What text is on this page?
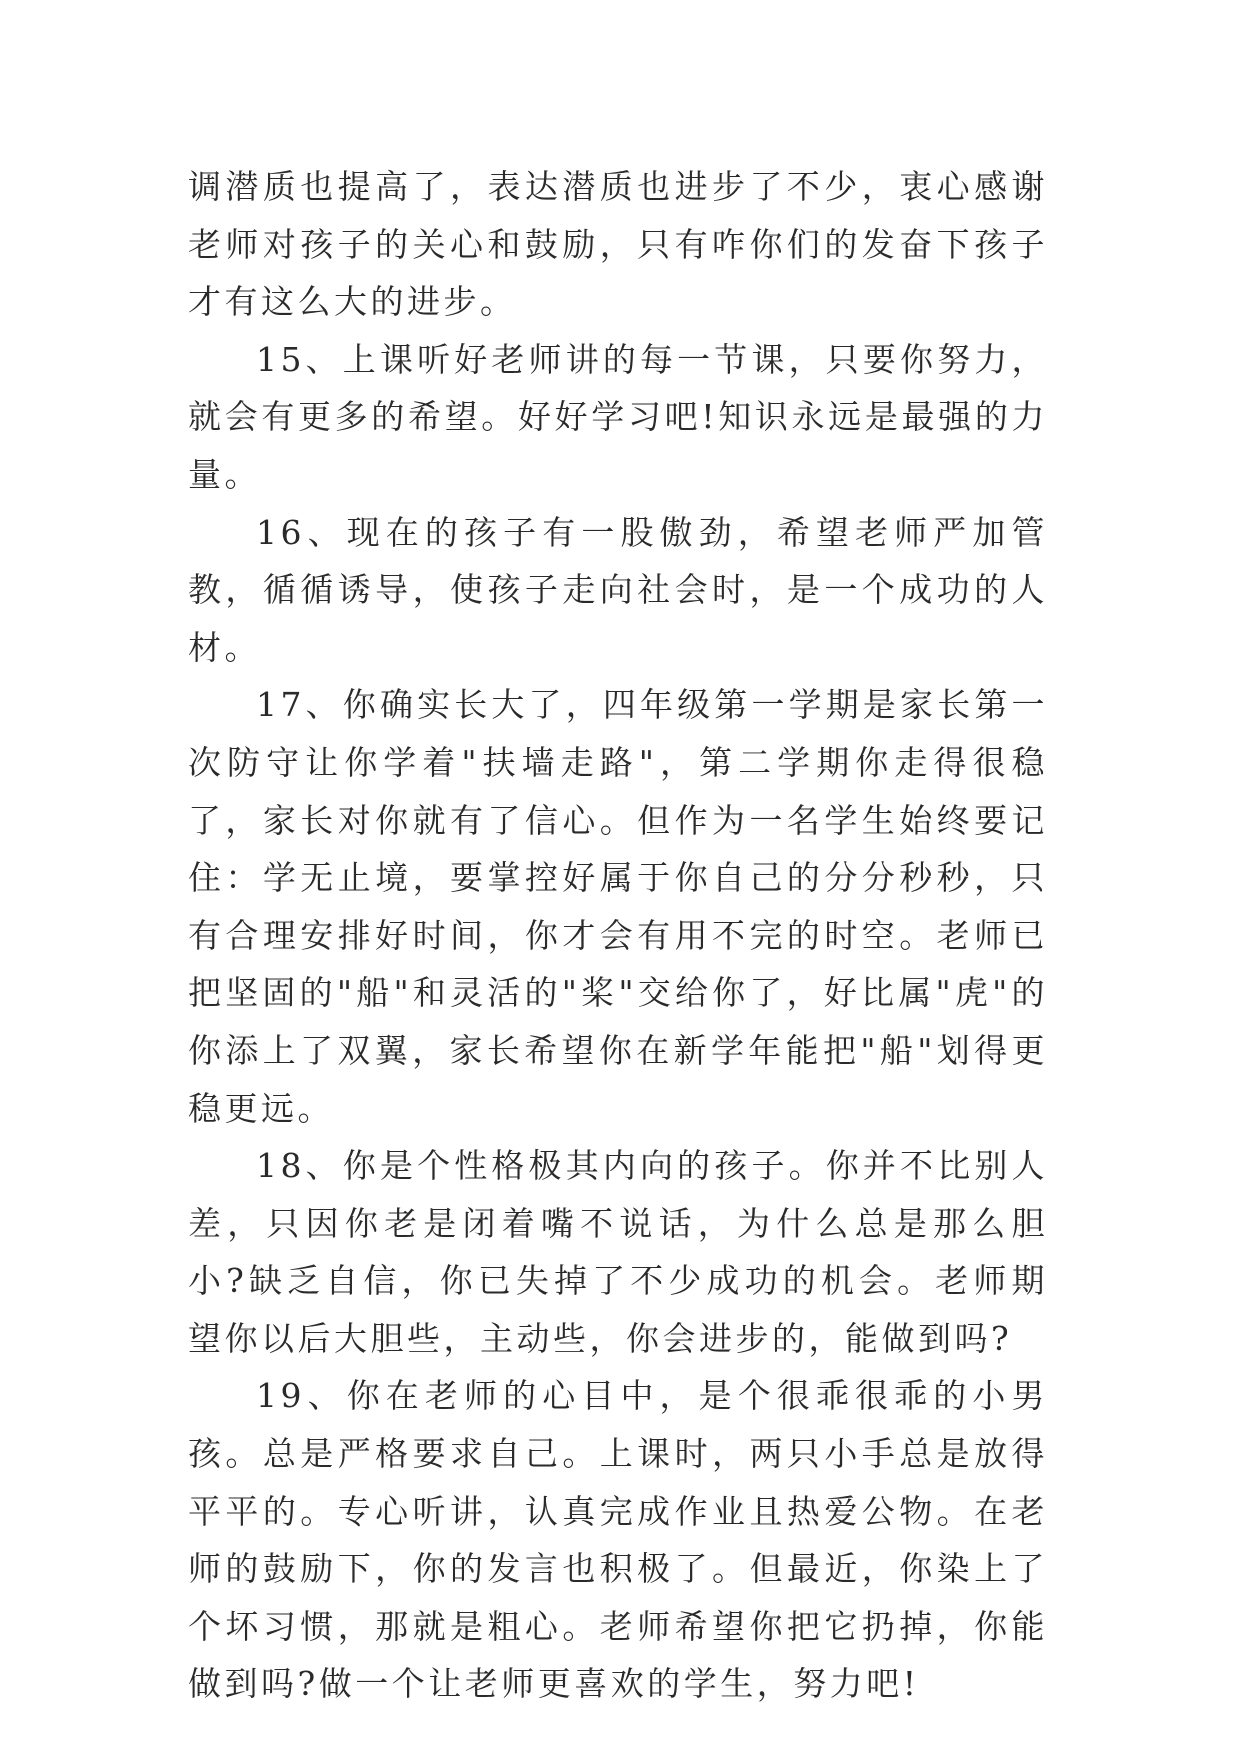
调潜质也提高了，表达潜质也进步了不少，衷心感谢老师对孩子的关心和鼓励，只有咋你们的发奋下孩子才有这么大的进步。

15、上课听好老师讲的每一节课，只要你努力，就会有更多的希望。好好学习吧!知识永远是最强的力量。

16、现在的孩子有一股傲劲，希望老师严加管教，循循诱导，使孩子走向社会时，是一个成功的人材。

17、你确实长大了，四年级第一学期是家长第一次防守让你学着"扶墙走路"，第二学期你走得很稳了，家长对你就有了信心。但作为一名学生始终要记住：学无止境，要掌控好属于你自己的分分秒秒，只有合理安排好时间，你才会有用不完的时空。老师已把坚固的"船"和灵活的"桨"交给你了，好比属"虎"的你添上了双翼，家长希望你在新学年能把"船"划得更稳更远。

18、你是个性格极其内向的孩子。你并不比别人差，只因你老是闭着嘴不说话，为什么总是那么胆小?缺乏自信，你已失掉了不少成功的机会。老师期望你以后大胆些，主动些，你会进步的，能做到吗?

19、你在老师的心目中，是个很乖很乖的小男孩。总是严格要求自己。上课时，两只小手总是放得平平的。专心听讲，认真完成作业且热爱公物。在老师的鼓励下，你的发言也积极了。但最近，你染上了个坏习惯，那就是粗心。老师希望你把它扔掉，你能做到吗?做一个让老师更喜欢的学生，努力吧!
